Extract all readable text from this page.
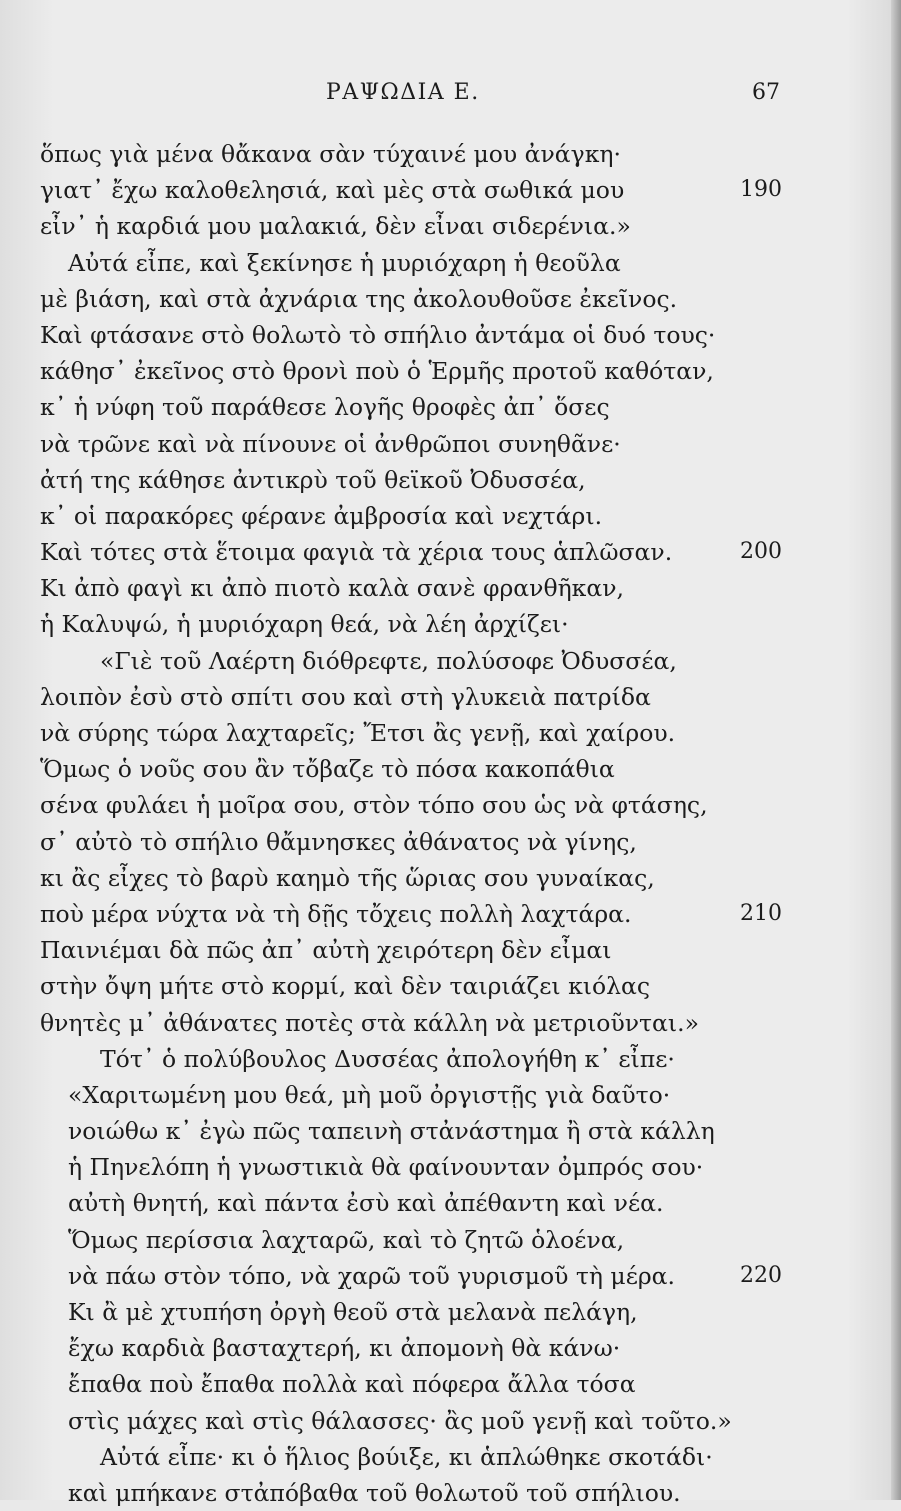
ΡΑΨΩΔΙΑ Ε.	67
ὅπως γιὰ μένα θἄκανα σὰν τύχαινέ μου ἀνάγκη·
γιατ᾽ ἔχω καλοθελησιά, καὶ μὲς στὰ σωθικά μου	190
εἶν᾽ ἡ καρδιά μου μαλακιά, δὲν εἶναι σιδερένια.»
Αὐτά εἶπε, καὶ ξεκίνησε ἡ μυριόχαρη ἡ θεοῦλα
μὲ βιάση, καὶ στὰ ἀχνάρια της ἀκολουθοῦσε ἐκεῖνος.
Καὶ φτάσανε στὸ θολωτὸ τὸ σπήλιο ἀντάμα οἱ δυό τους·
κάθησ᾽ ἐκεῖνος στὸ θρονὶ ποὺ ὁ Ἑρμῆς προτοῦ καθόταν,
κ᾽ ἡ νύφη τοῦ παράθεσε λογῆς θροφὲς ἀπ᾽ ὅσες
νὰ τρῶνε καὶ νὰ πίνουνε οἱ ἀνθρῶποι συνηθᾶνε·
ἀτή της κάθησε ἀντικρὺ τοῦ θεϊκοῦ Ὀδυσσέα,
κ᾽ οἱ παρακόρες φέρανε ἀμβροσία καὶ νεχτάρι.
Καὶ τότες στὰ ἕτοιμα φαγιὰ τὰ χέρια τους ἁπλῶσαν.	200
Κι ἀπὸ φαγὶ κι ἀπὸ πιοτὸ καλὰ σανὲ φρανθῆκαν,
ἡ Καλυψώ, ἡ μυριόχαρη θεά, νὰ λέη ἀρχίζει·
«Γιὲ τοῦ Λαέρτη διόθρεφτε, πολύσοφε Ὀδυσσέα,
λοιπὸν ἐσὺ στὸ σπίτι σου καὶ στὴ γλυκειὰ πατρίδα
νὰ σύρης τώρα λαχταρεῖς; Ἔτσι ἂς γενῇ, καὶ χαίρου.
Ὅμως ὁ νοῦς σου ἂν τὄβαζε τὸ πόσα κακοπάθια
σένα φυλάει ἡ μοῖρα σου, στὸν τόπο σου ὡς νὰ φτάσης,
σ᾽ αὐτὸ τὸ σπήλιο θἄμνησκες ἀθάνατος νὰ γίνης,
κι ἂς εἶχες τὸ βαρὺ καημὸ τῆς ὥριας σου γυναίκας,
ποὺ μέρα νύχτα νὰ τὴ δῇς τὄχεις πολλὴ λαχτάρα.	210
Παινιέμαι δὰ πῶς ἀπ᾽ αὐτὴ χειρότερη δὲν εἶμαι
στὴν ὄψη μήτε στὸ κορμί, καὶ δὲν ταιριάζει κιόλας
θνητὲς μ᾽ ἀθάνατες ποτὲς στὰ κάλλη νὰ μετριοῦνται.»
Τότ᾽ ὁ πολύβουλος Δυσσέας ἀπολογήθη κ᾽ εἶπε·
«Χαριτωμένη μου θεά, μὴ μοῦ ὀργιστῇς γιὰ δαῦτο·
νοιώθω κ᾽ ἐγὼ πῶς ταπεινὴ στἀνάστημα ἢ στὰ κάλλη
ἡ Πηνελόπη ἡ γνωστικιὰ θὰ φαίνουνταν ὀμπρός σου·
αὐτὴ θνητή, καὶ πάντα ἐσὺ καὶ ἀπέθαντη καὶ νέα.
Ὅμως περίσσια λαχταρῶ, καὶ τὸ ζητῶ ὁλοένα,
νὰ πάω στὸν τόπο, νὰ χαρῶ τοῦ γυρισμοῦ τὴ μέρα.	220
Κι ἂ μὲ χτυπήση ὀργὴ θεοῦ στὰ μελανὰ πελάγη,
ἔχω καρδιὰ βασταχτερή, κι ἀπομονὴ θὰ κάνω·
ἔπαθα ποὺ ἔπαθα πολλὰ καὶ πόφερα ἄλλα τόσα
στὶς μάχες καὶ στὶς θάλασσες· ἂς μοῦ γενῇ καὶ τοῦτο.»
Αὐτά εἶπε· κι ὁ ἥλιος βούιξε, κι ἁπλώθηκε σκοτάδι·
καὶ μπήκανε στἀπόβαθα τοῦ θολωτοῦ τοῦ σπήλιου.
